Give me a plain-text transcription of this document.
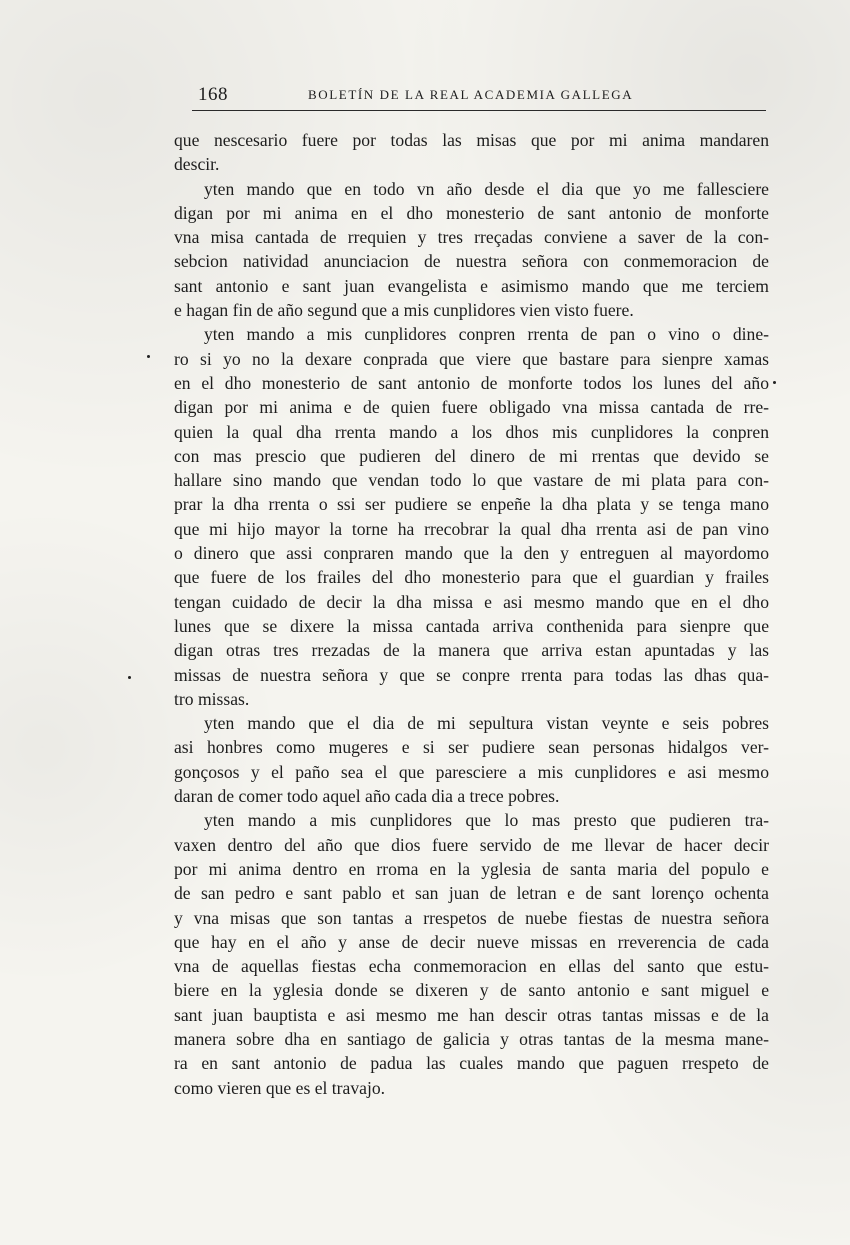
168	BOLETÍN DE LA REAL ACADEMIA GALLEGA
que nescesario fuere por todas las misas que por mi anima mandaren
descir.
yten mando que en todo vn año desde el dia que yo me fallesciere
digan por mi anima en el dho monesterio de sant antonio de monforte
vna misa cantada de rrequien y tres rreçadas conviene a saver de la con-
sebcion natividad anunciacion de nuestra señora con conmemoracion de
sant antonio e sant juan evangelista e asimismo mando que me terciem
e hagan fin de año segund que a mis cunplidores vien visto fuere.
yten mando a mis cunplidores conpren rrenta de pan o vino o dine-
ro si yo no la dexare conprada que viere que bastare para sienpre xamas
en el dho monesterio de sant antonio de monforte todos los lunes del año
digan por mi anima e de quien fuere obligado vna missa cantada de rre-
quien la qual dha rrenta mando a los dhos mis cunplidores la conpren
con mas prescio que pudieren del dinero de mi rrentas que devido se
hallare sino mando que vendan todo lo que vastare de mi plata para con-
prar la dha rrenta o ssi ser pudiere se enpeñe la dha plata y se tenga mano
que mi hijo mayor la torne ha rrecobrar la qual dha rrenta asi de pan vino
o dinero que assi conpraren mando que la den y entreguen al mayordomo
que fuere de los frailes del dho monesterio para que el guardian y frailes
tengan cuidado de decir la dha missa e asi mesmo mando que en el dho
lunes que se dixere la missa cantada arriva conthenida para sienpre que
digan otras tres rrezadas de la manera que arriva estan apuntadas y las
missas de nuestra señora y que se conpre rrenta para todas las dhas qua-
tro missas.
yten mando que el dia de mi sepultura vistan veynte e seis pobres
asi honbres como mugeres e si ser pudiere sean personas hidalgos ver-
gonçosos y el paño sea el que paresciere a mis cunplidores e asi mesmo
daran de comer todo aquel año cada dia a trece pobres.
yten mando a mis cunplidores que lo mas presto que pudieren tra-
vaxen dentro del año que dios fuere servido de me llevar de hacer decir
por mi anima dentro en rroma en la yglesia de santa maria del populo e
de san pedro e sant pablo et san juan de letran e de sant lorenço ochenta
y vna misas que son tantas a rrespetos de nuebe fiestas de nuestra señora
que hay en el año y anse de decir nueve missas en rreverencia de cada
vna de aquellas fiestas echa conmemoracion en ellas del santo que estu-
biere en la yglesia donde se dixeren y de santo antonio e sant miguel e
sant juan bauptista e asi mesmo me han descir otras tantas missas e de la
manera sobre dha en santiago de galicia y otras tantas de la mesma mane-
ra en sant antonio de padua las cuales mando que paguen rrespeto de
como vieren que es el travajo.
